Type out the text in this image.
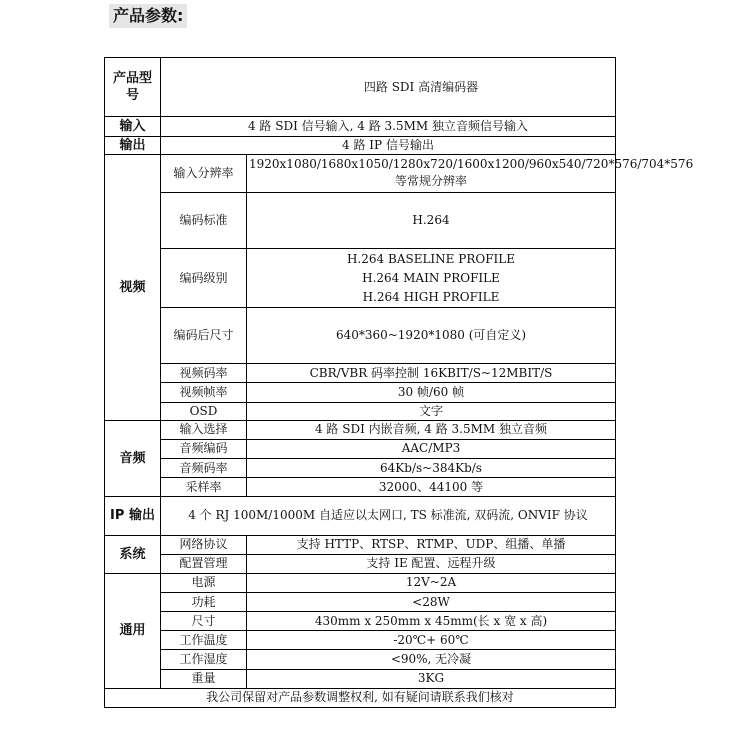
产品参数:
产品型号	四路 SDI 高清编码器	
输入	4 路 SDI 信号输入, 4 路 3.5MM 独立音频信号输入	
输出	4 路 IP 信号输出	
视频	输入分辨率	1920x1080/1680x1050/1280x720/1600x1200/960x540/720*576/704*576 等常规分辨率
	编码标准	H.264
	编码级别	H.264 BASELINE PROFILE
H.264 MAIN PROFILE
H.264 HIGH PROFILE

	编码后尺寸	640*360~1920*1080 (可自定义)
	视频码率	CBR/VBR 码率控制 16KBIT/S~12MBIT/S
	视频帧率	30 帧/60 帧
	OSD	文字
音频	输入选择	4 路 SDI 内嵌音频, 4 路 3.5MM 独立音频
	音频编码	AAC/MP3
	音频码率	64Kb/s~384Kb/s
	采样率	32000、44100 等
IP 输出	4 个 RJ 100M/1000M 自适应以太网口, TS 标准流, 双码流, ONVIF 协议	
系统	网络协议	支持 HTTP、RTSP、RTMP、UDP、组播、单播
	配置管理	支持 IE 配置、远程升级
通用	电源	12V~2A
	功耗	<28W
	尺寸	430mm x 250mm x 45mm(长 x 宽 x 高)
	工作温度	-20℃+ 60℃
	工作湿度	<90%, 无冷凝
	重量	3KG
我公司保留对产品参数调整权利, 如有疑问请联系我们核对		
